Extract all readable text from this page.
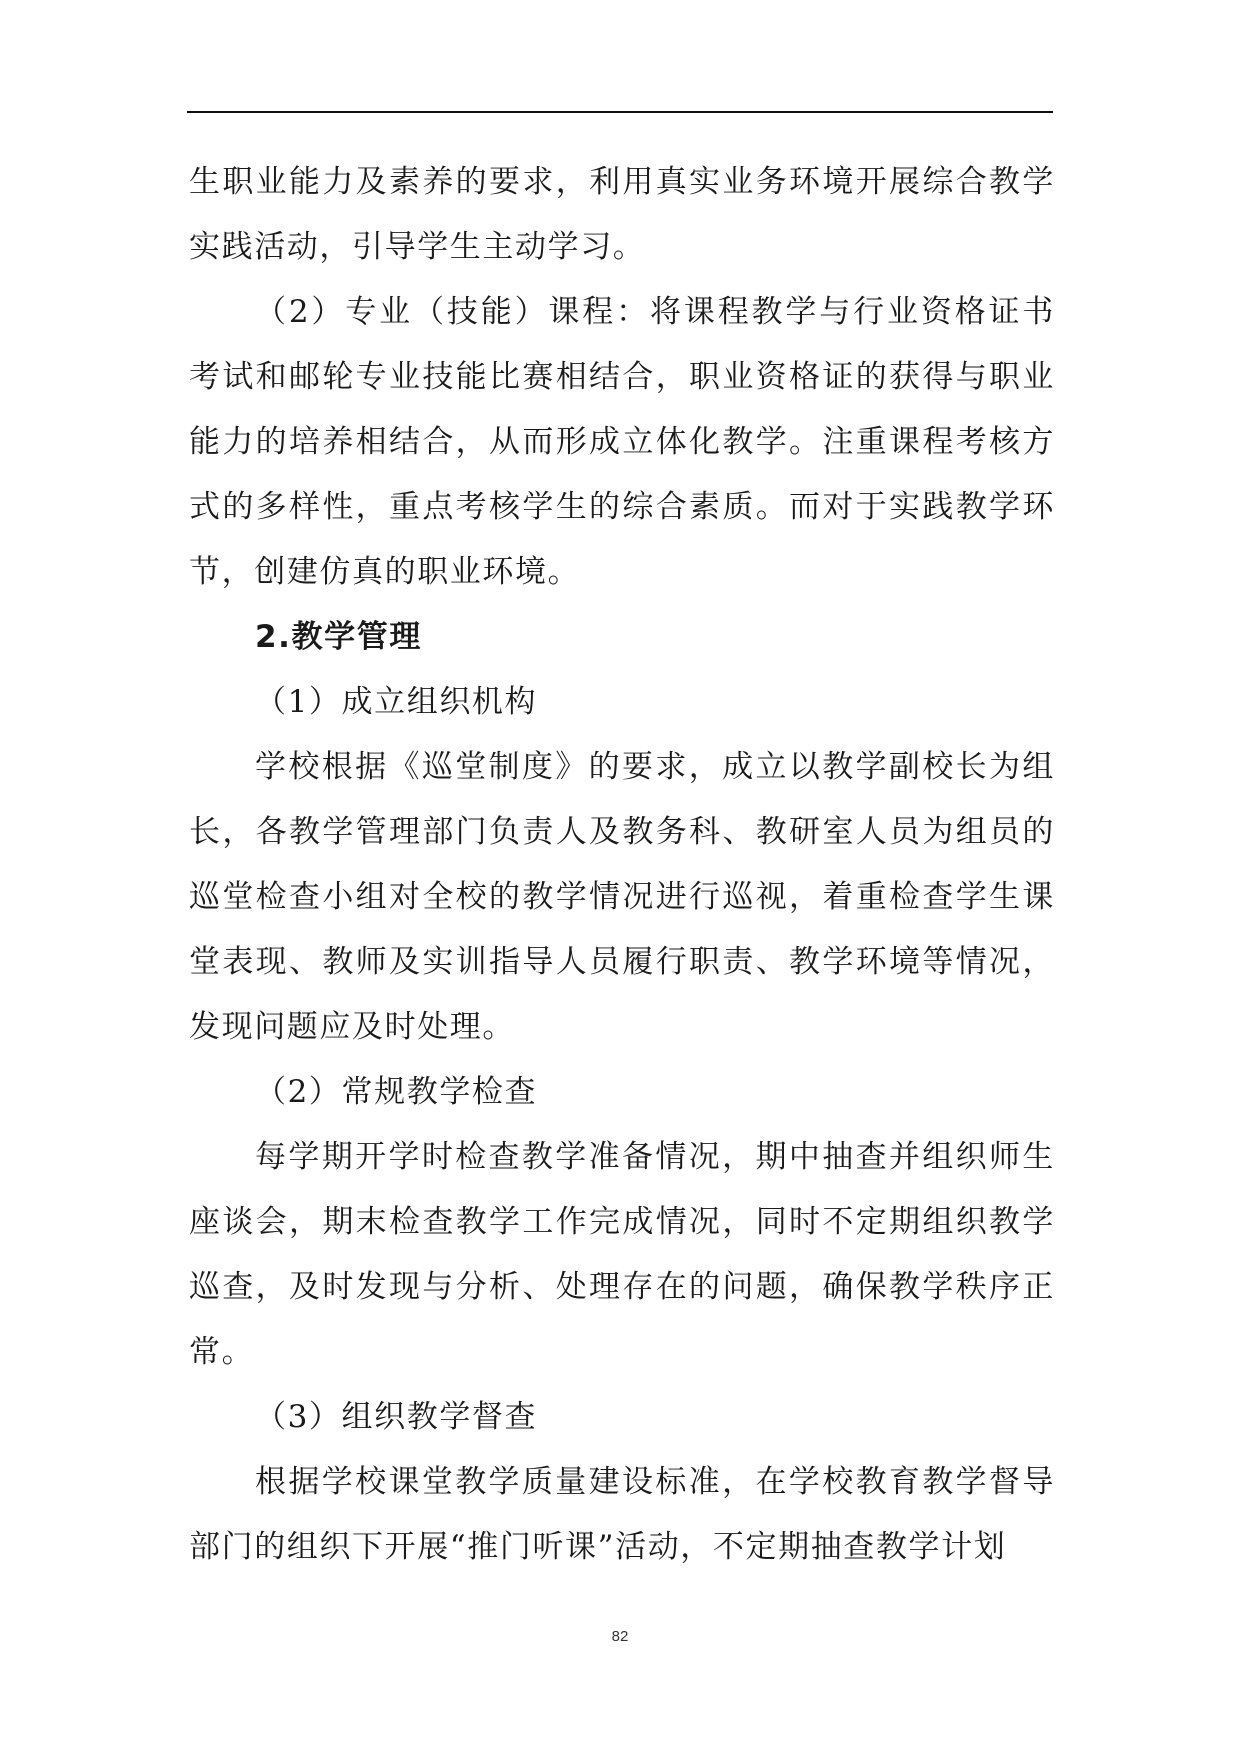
生职业能力及素养的要求，利用真实业务环境开展综合教学实践活动，引导学生主动学习。

（2）专业（技能）课程：将课程教学与行业资格证书考试和邮轮专业技能比赛相结合，职业资格证的获得与职业能力的培养相结合，从而形成立体化教学。注重课程考核方式的多样性，重点考核学生的综合素质。而对于实践教学环节，创建仿真的职业环境。

2.教学管理

（1）成立组织机构

学校根据《巡堂制度》的要求，成立以教学副校长为组长，各教学管理部门负责人及教务科、教研室人员为组员的巡堂检查小组对全校的教学情况进行巡视，着重检查学生课堂表现、教师及实训指导人员履行职责、教学环境等情况，发现问题应及时处理。

（2）常规教学检查

每学期开学时检查教学准备情况，期中抽查并组织师生座谈会，期末检查教学工作完成情况，同时不定期组织教学巡查，及时发现与分析、处理存在的问题，确保教学秩序正常。

（3）组织教学督查

根据学校课堂教学质量建设标准，在学校教育教学督导部门的组织下开展“推门听课”活动，不定期抽查教学计划

82
